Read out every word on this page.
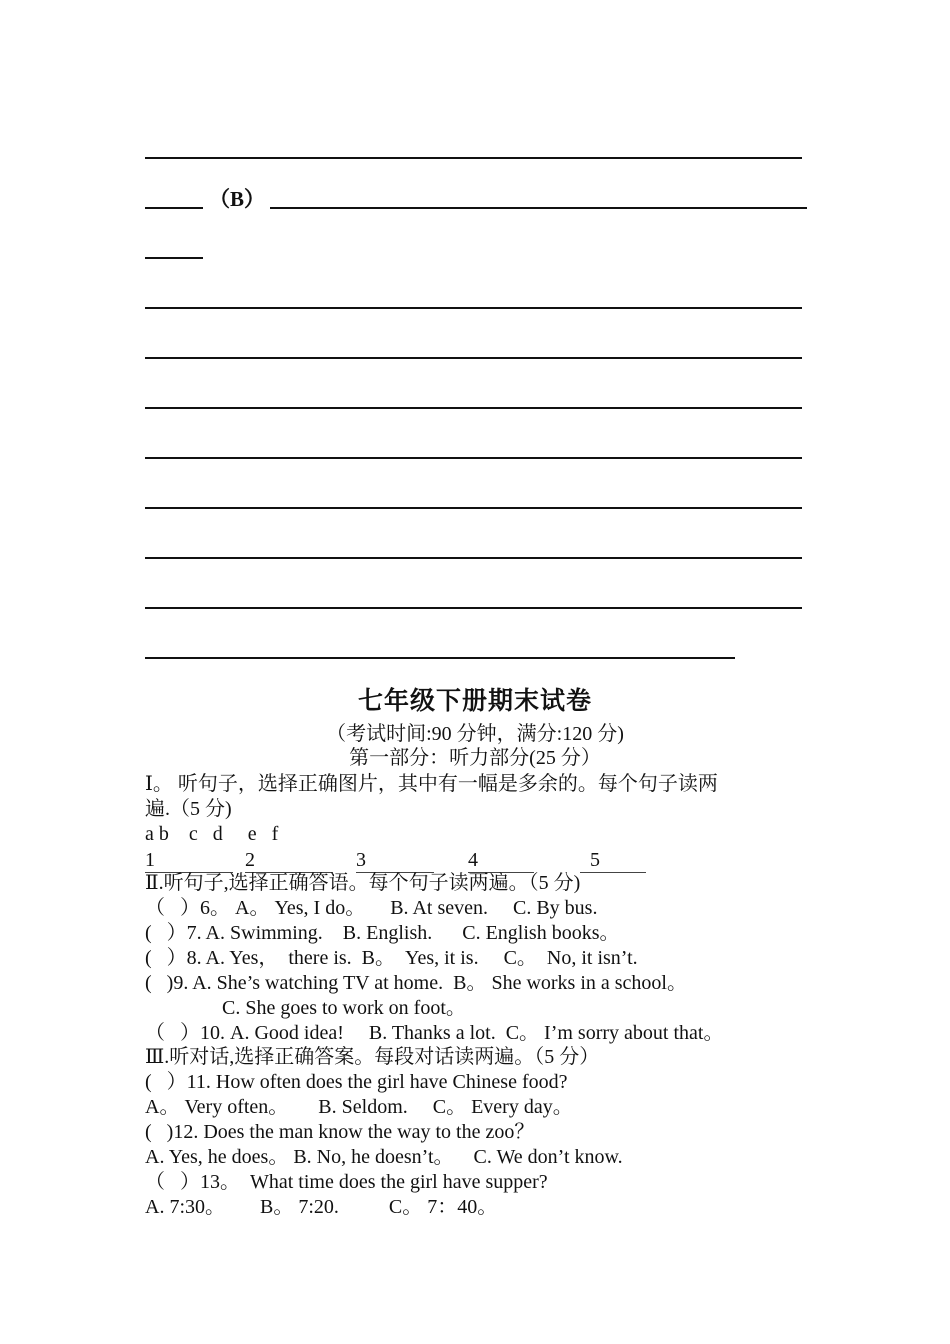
（B）
七年级下册期末试卷
（考试时间:90 分钟，满分:120 分)
第一部分：听力部分(25 分）
Ⅰ。 听句子，选择正确图片，其中有一幅是多余的。每个句子读两
遍.（5 分)
a b    c   d     e   f
1	2	3	4	5
Ⅱ.听句子,选择正确答语。每个句子读两遍。（5 分)
（   ）6。 A。 Yes, I do。     B. At seven.     C. By bus.
(   ）7. A. Swimming.    B. English.      C. English books。
(   ）8. A. Yes，  there is.  B。  Yes, it is.     C。  No, it isn’t.
(   )9. A. She’s watching TV at home.  B。 She works in a school。
C. She goes to work on foot。
（   ）10. A. Good idea!     B. Thanks a lot.  C。 I’m sorry about that。
Ⅲ.听对话,选择正确答案。每段对话读两遍。（5 分）
(   ）11. How often does the girl have Chinese food?
A。 Very often。      B. Seldom.     C。 Every day。
(   )12. Does the man know the way to the zoo？
A. Yes, he does。 B. No, he doesn’t。    C. We don’t know.
（   ）13。  What time does the girl have supper?
A. 7:30。       B。 7:20.          C。 7：40。
